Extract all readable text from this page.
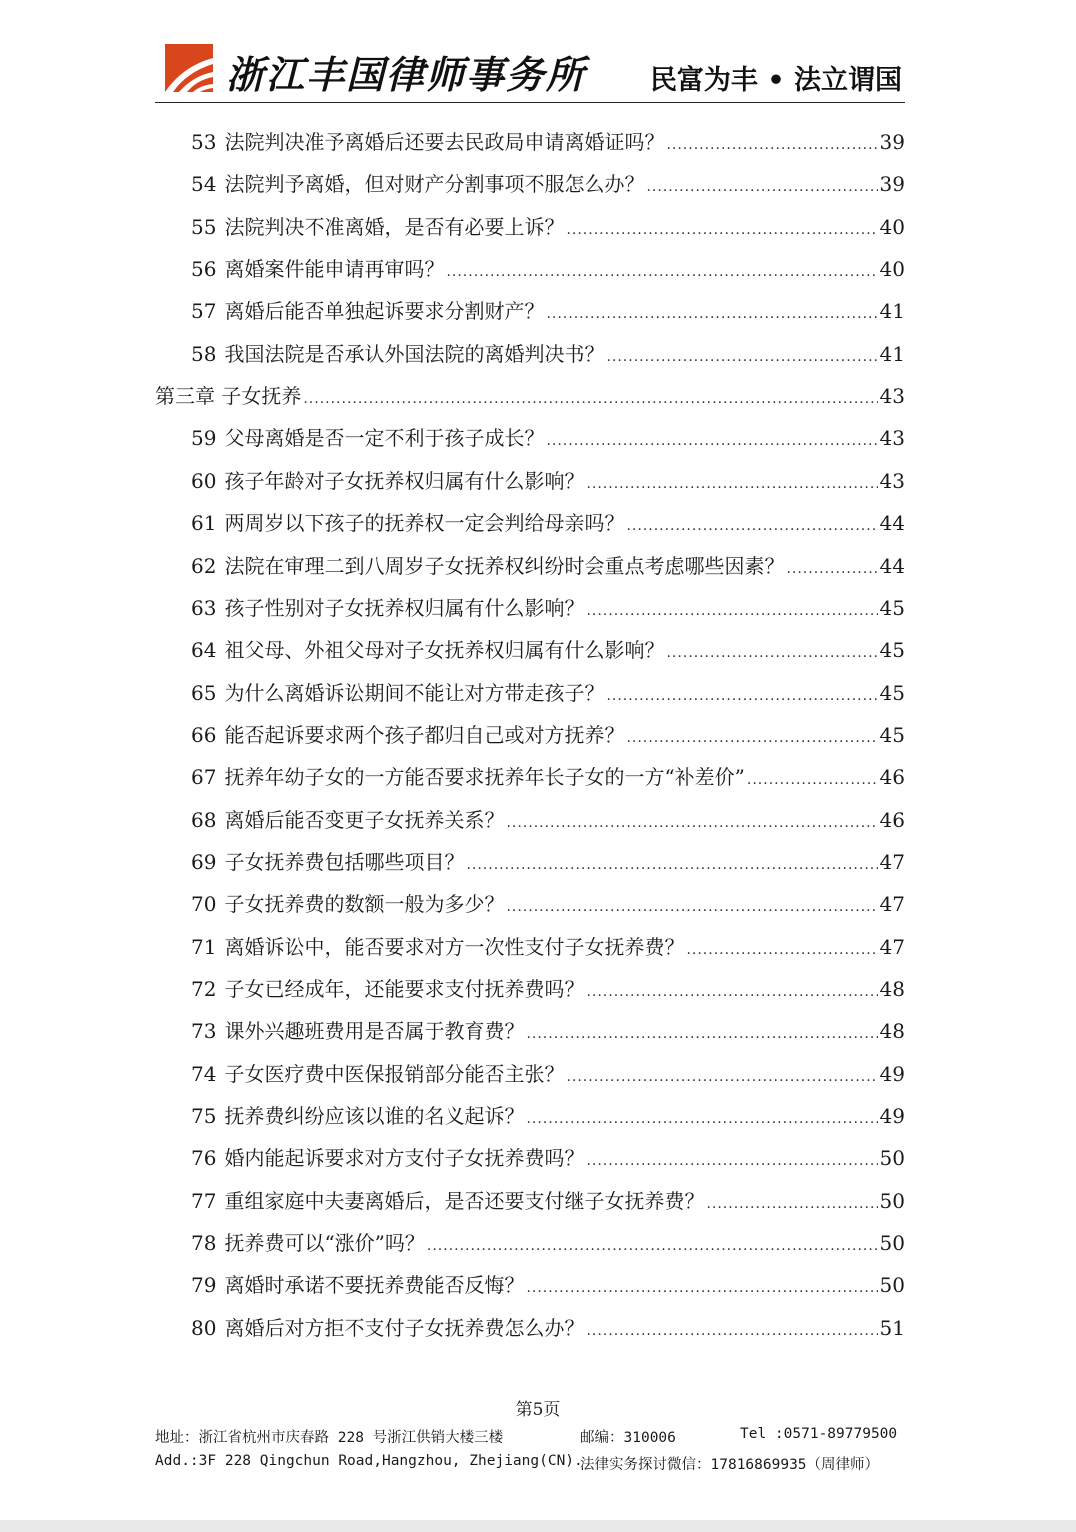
浙江丰国律师事务所 民富为丰 • 法立谓国
53 法院判决准予离婚后还要去民政局申请离婚证吗？ .....	39
54 法院判予离婚，但对财产分割事项不服怎么办？ .....	39
55 法院判决不准离婚，是否有必要上诉？ .....	40
56 离婚案件能申请再审吗？ .....	40
57 离婚后能否单独起诉要求分割财产？ .....	41
58 我国法院是否承认外国法院的离婚判决书？ .....	41
第三章 子女抚养 .....	43
59 父母离婚是否一定不利于孩子成长？ .....	43
60 孩子年龄对子女抚养权归属有什么影响？ .....	43
61 两周岁以下孩子的抚养权一定会判给母亲吗？ .....	44
62 法院在审理二到八周岁子女抚养权纠纷时会重点考虑哪些因素？ .....	44
63 孩子性别对子女抚养权归属有什么影响？ .....	45
64 祖父母、外祖父母对子女抚养权归属有什么影响？ .....	45
65 为什么离婚诉讼期间不能让对方带走孩子？ .....	45
66 能否起诉要求两个孩子都归自己或对方抚养？ .....	45
67 抚养年幼子女的一方能否要求抚养年长子女的一方“补差价” .....	46
68 离婚后能否变更子女抚养关系？ .....	46
69 子女抚养费包括哪些项目？ .....	47
70 子女抚养费的数额一般为多少？ .....	47
71 离婚诉讼中，能否要求对方一次性支付子女抚养费？ .....	47
72 子女已经成年，还能要求支付抚养费吗？ .....	48
73 课外兴趣班费用是否属于教育费？ .....	48
74 子女医疗费中医保报销部分能否主张？ .....	49
75 抚养费纠纷应该以谁的名义起诉？ .....	49
76 婚内能起诉要求对方支付子女抚养费吗？ .....	50
77 重组家庭中夫妻离婚后，是否还要支付继子女抚养费？ .....	50
78 抚养费可以“涨价”吗？ .....	50
79 离婚时承诺不要抚养费能否反悔？ .....	50
80 离婚后对方拒不支付子女抚养费怎么办？ .....	51
第5页
地址：浙江省杭州市庆春路 228 号浙江供销大楼三楼	邮编：310006	Tel :0571-89779500
Add.:3F 228 Qingchun Road,Hangzhou, Zhejiang(CN).
法律实务探讨微信：17816869935（周律师）
